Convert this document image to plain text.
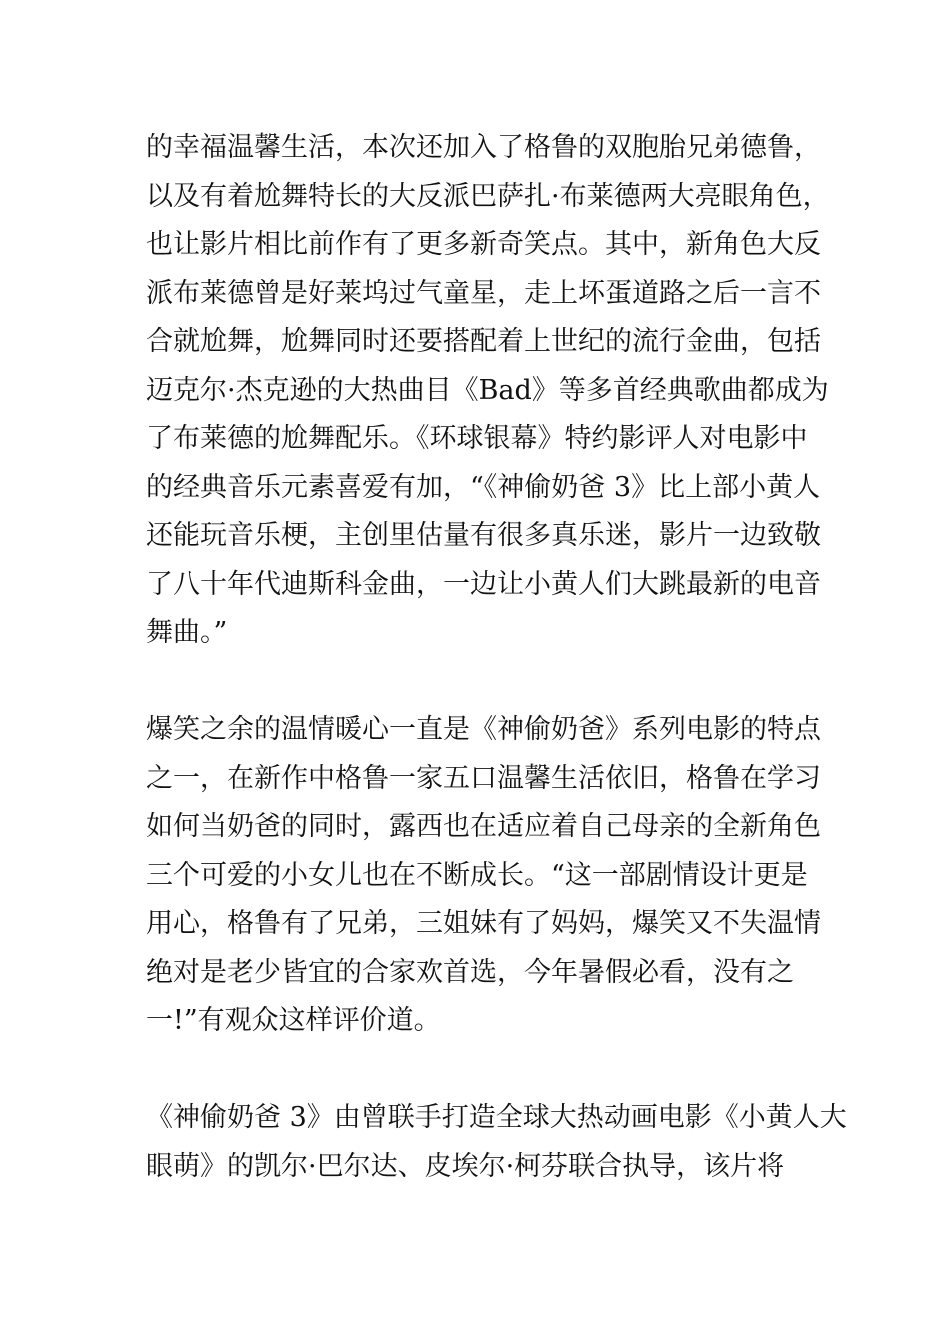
的幸福温馨生活，本次还加入了格鲁的双胞胎兄弟德鲁，
以及有着尬舞特长的大反派巴萨扎·布莱德两大亮眼角色，
也让影片相比前作有了更多新奇笑点。其中，新角色大反
派布莱德曾是好莱坞过气童星，走上坏蛋道路之后一言不
合就尬舞，尬舞同时还要搭配着上世纪的流行金曲，包括
迈克尔·杰克逊的大热曲目《Bad》等多首经典歌曲都成为
了布莱德的尬舞配乐。《环球银幕》特约影评人对电影中
的经典音乐元素喜爱有加，“《神偷奶爸 3》比上部小黄人
还能玩音乐梗，主创里估量有很多真乐迷，影片一边致敬
了八十年代迪斯科金曲，一边让小黄人们大跳最新的电音
舞曲。”

爆笑之余的温情暖心一直是《神偷奶爸》系列电影的特点
之一，在新作中格鲁一家五口温馨生活依旧，格鲁在学习
如何当奶爸的同时，露西也在适应着自己母亲的全新角色
三个可爱的小女儿也在不断成长。“这一部剧情设计更是
用心，格鲁有了兄弟，三姐妹有了妈妈，爆笑又不失温情
绝对是老少皆宜的合家欢首选，今年暑假必看，没有之
一!”有观众这样评价道。

《神偷奶爸 3》由曾联手打造全球大热动画电影《小黄人大
眼萌》的凯尔·巴尔达、皮埃尔·柯芬联合执导，该片将
